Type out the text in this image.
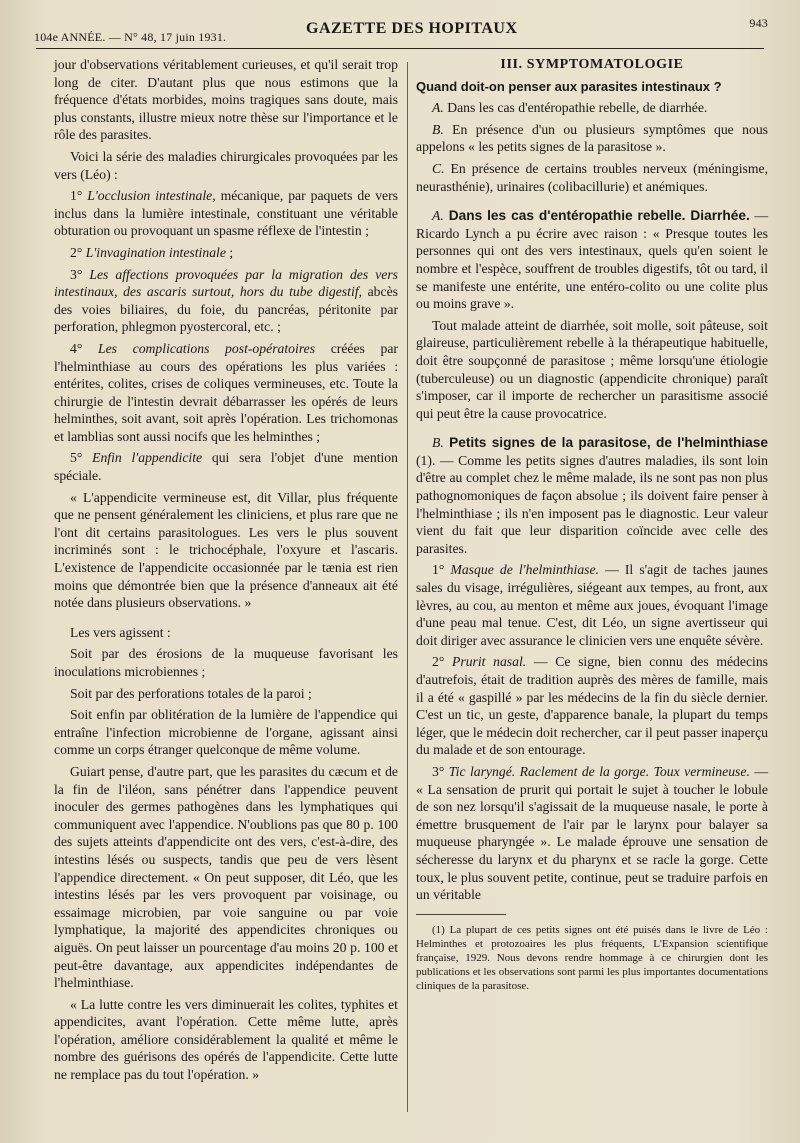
104e ANNÉE. — N° 48, 17 juin 1931.	GAZETTE DES HOPITAUX	943

jour d'observations véritablement curieuses, et qu'il serait trop long de citer. D'autant plus que nous estimons que la fréquence d'états morbides, moins tragiques sans doute, mais plus constants, illustre mieux notre thèse sur l'importance et le rôle des parasites.

Voici la série des maladies chirurgicales provoquées par les vers (Léo) :

1° L'occlusion intestinale, mécanique, par paquets de vers inclus dans la lumière intestinale, constituant une véritable obturation ou provoquant un spasme réflexe de l'intestin ;

2° L'invagination intestinale ;

3° Les affections provoquées par la migration des vers intestinaux, des ascaris surtout, hors du tube digestif, abcès des voies biliaires, du foie, du pancréas, péritonite par perforation, phlegmon pyostercoral, etc. ;

4° Les complications post-opératoires créées par l'helminthiase au cours des opérations les plus variées : entérites, colites, crises de coliques vermineuses, etc. Toute la chirurgie de l'intestin devrait débarrasser les opérés de leurs helminthes, soit avant, soit après l'opération. Les trichomonas et lamblias sont aussi nocifs que les helminthes ;

5° Enfin l'appendicite qui sera l'objet d'une mention spéciale.

« L'appendicite vermineuse est, dit Villar, plus fréquente que ne pensent généralement les cliniciens, et plus rare que ne l'ont dit certains parasitologues. Les vers le plus souvent incriminés sont : le trichocéphale, l'oxyure et l'ascaris. L'existence de l'appendicite occasionnée par le tænia est rien moins que démontrée bien que la présence d'anneaux ait été notée dans plusieurs observations. »

Les vers agissent :

Soit par des érosions de la muqueuse favorisant les inoculations microbiennes ;

Soit par des perforations totales de la paroi ;

Soit enfin par oblitération de la lumière de l'appendice qui entraîne l'infection microbienne de l'organe, agissant ainsi comme un corps étranger quelconque de même volume.

Guiart pense, d'autre part, que les parasites du cæcum et de la fin de l'iléon, sans pénétrer dans l'appendice peuvent inoculer des germes pathogènes dans les lymphatiques qui communiquent avec l'appendice. N'oublions pas que 80 p. 100 des sujets atteints d'appendicite ont des vers, c'est-à-dire, des intestins lésés ou suspects, tandis que peu de vers lèsent l'appendice directement. « On peut supposer, dit Léo, que les intestins lésés par les vers provoquent par voisinage, ou essaimage microbien, par voie sanguine ou par voie lymphatique, la majorité des appendicites chroniques ou aiguës. On peut laisser un pourcentage d'au moins 20 p. 100 et peut-être davantage, aux appendicites indépendantes de l'helminthiase.

« La lutte contre les vers diminuerait les colites, typhites et appendicites, avant l'opération. Cette même lutte, après l'opération, améliore considérablement la qualité et même le nombre des guérisons des opérés de l'appendicite. Cette lutte ne remplace pas du tout l'opération. »

III. SYMPTOMATOLOGIE

Quand doit-on penser aux parasites intestinaux ?

A. Dans les cas d'entéropathie rebelle, de diarrhée.

B. En présence d'un ou plusieurs symptômes que nous appelons « les petits signes de la parasitose ».

C. En présence de certains troubles nerveux (méningisme, neurasthénie), urinaires (colibacillurie) et anémiques.

A. Dans les cas d'entéropathie rebelle. Diarrhée. — Ricardo Lynch a pu écrire avec raison : « Presque toutes les personnes qui ont des vers intestinaux, quels qu'en soient le nombre et l'espèce, souffrent de troubles digestifs, tôt ou tard, il se manifeste une entérite, une entéro-colito ou une colite plus ou moins grave ».

Tout malade atteint de diarrhée, soit molle, soit pâteuse, soit glaireuse, particulièrement rebelle à la thérapeutique habituelle, doit être soupçonné de parasitose ; même lorsqu'une étiologie (tuberculeuse) ou un diagnostic (appendicite chronique) paraît s'imposer, car il importe de rechercher un parasitisme associé qui peut être la cause provocatrice.

B. Petits signes de la parasitose, de l'helminthiase (1). — Comme les petits signes d'autres maladies, ils sont loin d'être au complet chez le même malade, ils ne sont pas non plus pathognomoniques de façon absolue ; ils doivent faire penser à l'helminthiase ; ils n'en imposent pas le diagnostic. Leur valeur vient du fait que leur disparition coïncide avec celle des parasites.

1° Masque de l'helminthiase. — Il s'agit de taches jaunes sales du visage, irrégulières, siégeant aux tempes, au front, aux lèvres, au cou, au menton et même aux joues, évoquant l'image d'une peau mal tenue. C'est, dit Léo, un signe avertisseur qui doit diriger avec assurance le clinicien vers une enquête sévère.

2° Prurit nasal. — Ce signe, bien connu des médecins d'autrefois, était de tradition auprès des mères de famille, mais il a été « gaspillé » par les médecins de la fin du siècle dernier. C'est un tic, un geste, d'apparence banale, la plupart du temps léger, que le médecin doit rechercher, car il peut passer inaperçu du malade et de son entourage.

3° Tic laryngé. Raclement de la gorge. Toux vermineuse. — « La sensation de prurit qui portait le sujet à toucher le lobule de son nez lorsqu'il s'agissait de la muqueuse nasale, le porte à émettre brusquement de l'air par le larynx pour balayer sa muqueuse pharyngée ». Le malade éprouve une sensation de sécheresse du larynx et du pharynx et se racle la gorge. Cette toux, le plus souvent petite, continue, peut se traduire parfois en un véritable

(1) La plupart de ces petits signes ont été puisés dans le livre de Léo : Helminthes et protozoaires les plus fréquents, L'Expansion scientifique française, 1929. Nous devons rendre hommage à ce chirurgien dont les publications et les observations sont parmi les plus importantes documentations cliniques de la parasitose.
